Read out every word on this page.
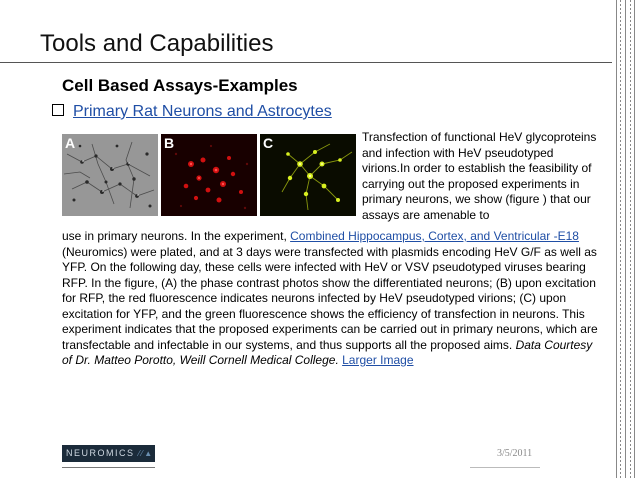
Tools and Capabilities
Cell Based Assays-Examples
Primary Rat Neurons and Astrocytes
A	B	C	Transfection of functional HeV glycoproteins and infection with HeV pseudotyped virions.In order to establish the feasibility of carrying out the proposed experiments in primary neurons, we show (figure ) that our assays are amenable to
use in primary neurons. In the experiment, Combined Hippocampus, Cortex, and Ventricular -E18 (Neuromics) were plated, and at 3 days were transfected with plasmids encoding HeV G/F as well as YFP. On the following day, these cells were infected with HeV or VSV pseudotyped viruses bearing RFP. In the figure, (A) the phase contrast photos show the differentiated neurons; (B) upon excitation for RFP, the red fluorescence indicates neurons infected by HeV pseudotyped virions; (C) upon excitation for YFP, and the green fluorescence shows the efficiency of transfection in neurons. This experiment indicates that the proposed experiments can be carried out in primary neurons, which are transfectable and infectable in our systems, and thus supports all the proposed aims. Data Courtesy of Dr. Matteo Porotto, Weill Cornell Medical College. Larger Image
NEUROMICS ⁄⁄▲	3/5/2011
